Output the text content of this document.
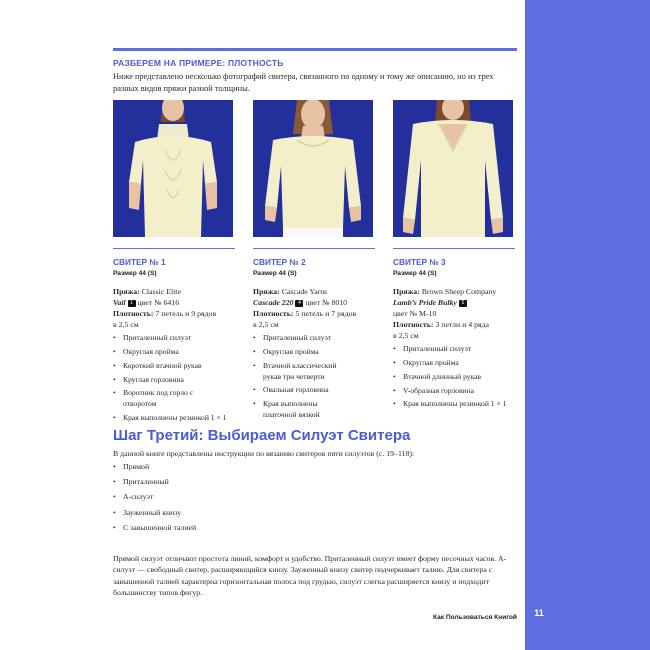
11
РАЗБЕРЕМ НА ПРИМЕРЕ: ПЛОТНОСТЬ
Ниже представлено несколько фотографий свитера, связанного по одному и тому же описанию, но из трех разных видов пряжи разной толщины.
СВИТЕР № 1
Размер 44 (S)
Пряжа: Classic Elite
Vail 1 цвет № 6416
Плотность: 7 петель и 9 рядов
в 2,5 см
• Приталенный силуэт
• Округлая пройма
• Короткий втачной рукав
• Круглая горловина
• Воротник под горло с отворотом
• Края выполнены резинкой 1 × 1
СВИТЕР № 2
Размер 44 (S)
Пряжа: Cascade Yarns
Cascade 220 4 цвет № 8010
Плотность: 5 петель и 7 рядов
в 2,5 см
• Приталенный силуэт
• Округлая пройма
• Втачной классический рукав три четверти
• Овальная горловина
• Края выполнены платочной вязкой
СВИТЕР № 3
Размер 44 (S)
Пряжа: Brown Sheep Company
Lamb’s Pride Bulky 5
цвет № M-10
Плотность: 3 петли и 4 ряда
в 2,5 см
• Приталенный силуэт
• Округлая пройма
• Втачной длинный рукав
• V-образная горловина
• Края выполнены резинкой 1 × 1
Шаг Третий: Выбираем Силуэт Свитера
В данной книге представлены инструкции по вязанию свитеров пяти силуэтов (с. 19–118):
• Прямой
• Приталенный
• А-силуэт
• Зауженный книзу
• С завышенной талией
Прямой силуэт отличают простота линий, комфорт и удобство. Приталенный силуэт имеет форму песочных часов. А-силуэт — свободный свитер, расширяющийся книзу. Зауженный книзу свитер подчеркивает талию. Для свитера с завышенной талией характерна горизонтальная полоса под грудью, силуэт слегка расширяется книзу и подходит большинству типов фигур.
Как Пользоваться Книгой
